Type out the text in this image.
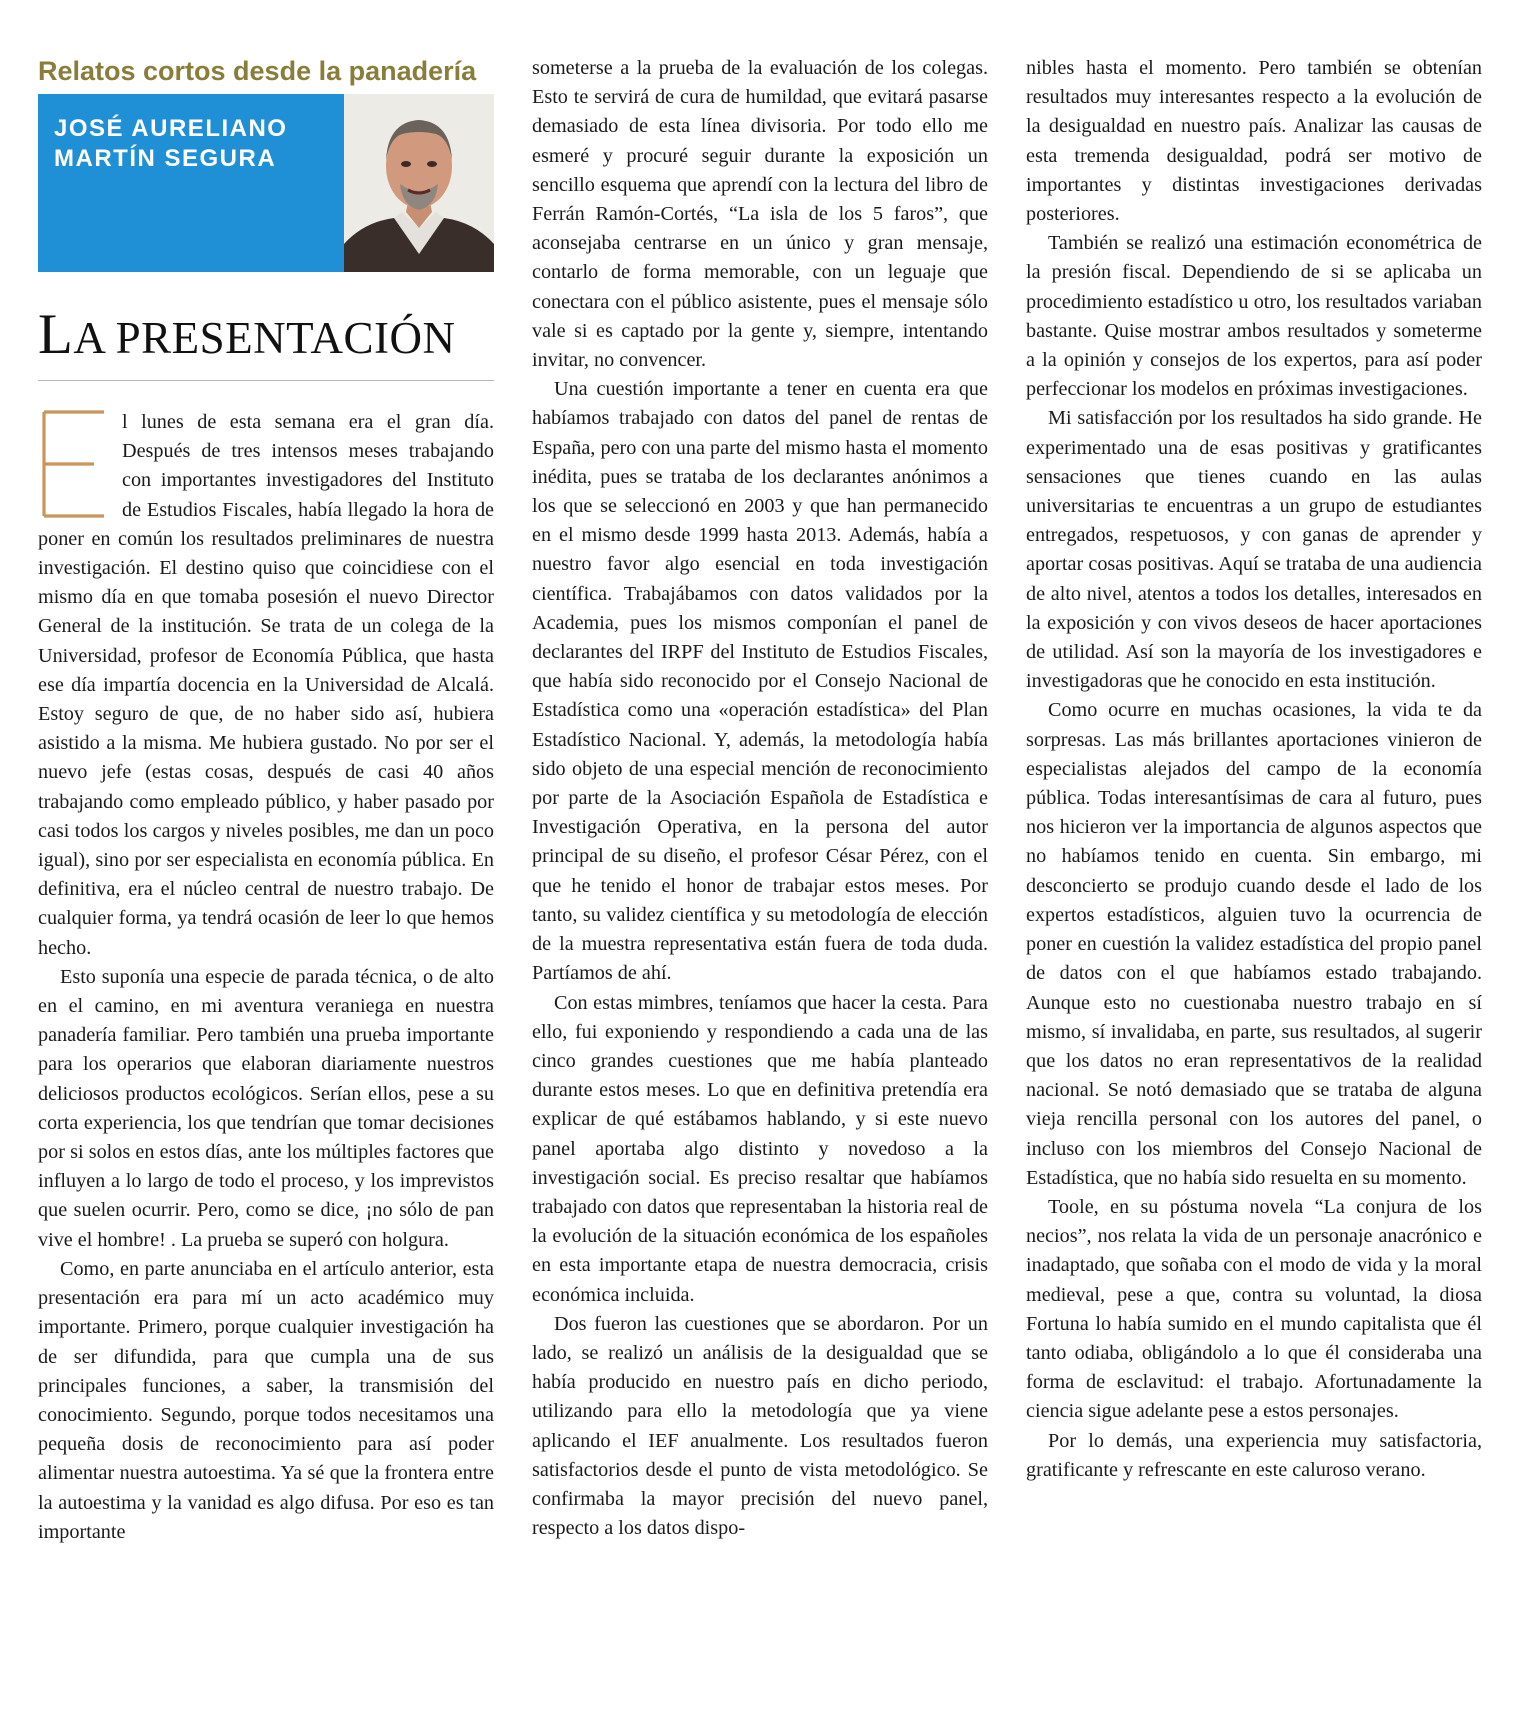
Relatos cortos desde la panadería
JOSÉ AURELIANO
MARTÍN SEGURA
LA PRESENTACIÓN

l lunes de esta semana era el gran día. Después de tres intensos meses trabajando con importantes investigadores del Instituto de Estudios Fiscales, había llegado la hora de poner en común los resultados preliminares de nuestra investigación. El destino quiso que coincidiese con el mismo día en que tomaba posesión el nuevo Director General de la institución. Se trata de un colega de la Universidad, profesor de Economía Pública, que hasta ese día impartía docencia en la Universidad de Alcalá. Estoy seguro de que, de no haber sido así, hubiera asistido a la misma. Me hubiera gustado. No por ser el nuevo jefe (estas cosas, después de casi 40 años trabajando como empleado público, y haber pasado por casi todos los cargos y niveles posibles, me dan un poco igual), sino por ser especialista en economía pública. En definitiva, era el núcleo central de nuestro trabajo. De cualquier forma, ya tendrá ocasión de leer lo que hemos hecho.

Esto suponía una especie de parada técnica, o de alto en el camino, en mi aventura veraniega en nuestra panadería familiar. Pero también una prueba importante para los operarios que elaboran diariamente nuestros deliciosos productos ecológicos. Serían ellos, pese a su corta experiencia, los que tendrían que tomar decisiones por si solos en estos días, ante los múltiples factores que influyen a lo largo de todo el proceso, y los imprevistos que suelen ocurrir. Pero, como se dice, ¡no sólo de pan vive el hombre! . La prueba se superó con holgura.

Como, en parte anunciaba en el artículo anterior, esta presentación era para mí un acto académico muy importante. Primero, porque cualquier investigación ha de ser difundida, para que cumpla una de sus principales funciones, a saber, la transmisión del conocimiento. Segundo, porque todos necesitamos una pequeña dosis de reconocimiento para así poder alimentar nuestra autoestima. Ya sé que la frontera entre la autoestima y la vanidad es algo difusa. Por eso es tan importante

someterse a la prueba de la evaluación de los colegas. Esto te servirá de cura de humildad, que evitará pasarse demasiado de esta línea divisoria. Por todo ello me esmeré y procuré seguir durante la exposición un sencillo esquema que aprendí con la lectura del libro de Ferrán Ramón-Cortés, “La isla de los 5 faros”, que aconsejaba centrarse en un único y gran mensaje, contarlo de forma memorable, con un leguaje que conectara con el público asistente, pues el mensaje sólo vale si es captado por la gente y, siempre, intentando invitar, no convencer.

Una cuestión importante a tener en cuenta era que habíamos trabajado con datos del panel de rentas de España, pero con una parte del mismo hasta el momento inédita, pues se trataba de los declarantes anónimos a los que se seleccionó en 2003 y que han permanecido en el mismo desde 1999 hasta 2013. Además, había a nuestro favor algo esencial en toda investigación científica. Trabajábamos con datos validados por la Academia, pues los mismos componían el panel de declarantes del IRPF del Instituto de Estudios Fiscales, que había sido reconocido por el Consejo Nacional de Estadística como una «operación estadística» del Plan Estadístico Nacional. Y, además, la metodología había sido objeto de una especial mención de reconocimiento por parte de la Asociación Española de Estadística e Investigación Operativa, en la persona del autor principal de su diseño, el profesor César Pérez, con el que he tenido el honor de trabajar estos meses. Por tanto, su validez científica y su metodología de elección de la muestra representativa están fuera de toda duda. Partíamos de ahí.

Con estas mimbres, teníamos que hacer la cesta. Para ello, fui exponiendo y respondiendo a cada una de las cinco grandes cuestiones que me había planteado durante estos meses. Lo que en definitiva pretendía era explicar de qué estábamos hablando, y si este nuevo panel aportaba algo distinto y novedoso a la investigación social. Es preciso resaltar que habíamos trabajado con datos que representaban la historia real de la evolución de la situación económica de los españoles en esta importante etapa de nuestra democracia, crisis económica incluida.

Dos fueron las cuestiones que se abordaron. Por un lado, se realizó un análisis de la desigualdad que se había producido en nuestro país en dicho periodo, utilizando para ello la metodología que ya viene aplicando el IEF anualmente. Los resultados fueron satisfactorios desde el punto de vista metodológico. Se confirmaba la mayor precisión del nuevo panel, respecto a los datos dispo-

nibles hasta el momento. Pero también se obtenían resultados muy interesantes respecto a la evolución de la desigualdad en nuestro país. Analizar las causas de esta tremenda desigualdad, podrá ser motivo de importantes y distintas investigaciones derivadas posteriores.

También se realizó una estimación econométrica de la presión fiscal. Dependiendo de si se aplicaba un procedimiento estadístico u otro, los resultados variaban bastante. Quise mostrar ambos resultados y someterme a la opinión y consejos de los expertos, para así poder perfeccionar los modelos en próximas investigaciones.

Mi satisfacción por los resultados ha sido grande. He experimentado una de esas positivas y gratificantes sensaciones que tienes cuando en las aulas universitarias te encuentras a un grupo de estudiantes entregados, respetuosos, y con ganas de aprender y aportar cosas positivas. Aquí se trataba de una audiencia de alto nivel, atentos a todos los detalles, interesados en la exposición y con vivos deseos de hacer aportaciones de utilidad. Así son la mayoría de los investigadores e investigadoras que he conocido en esta institución.

Como ocurre en muchas ocasiones, la vida te da sorpresas. Las más brillantes aportaciones vinieron de especialistas alejados del campo de la economía pública. Todas interesantísimas de cara al futuro, pues nos hicieron ver la importancia de algunos aspectos que no habíamos tenido en cuenta. Sin embargo, mi desconcierto se produjo cuando desde el lado de los expertos estadísticos, alguien tuvo la ocurrencia de poner en cuestión la validez estadística del propio panel de datos con el que habíamos estado trabajando. Aunque esto no cuestionaba nuestro trabajo en sí mismo, sí invalidaba, en parte, sus resultados, al sugerir que los datos no eran representativos de la realidad nacional. Se notó demasiado que se trataba de alguna vieja rencilla personal con los autores del panel, o incluso con los miembros del Consejo Nacional de Estadística, que no había sido resuelta en su momento.

Toole, en su póstuma novela “La conjura de los necios”, nos relata la vida de un personaje anacrónico e inadaptado, que soñaba con el modo de vida y la moral medieval, pese a que, contra su voluntad, la diosa Fortuna lo había sumido en el mundo capitalista que él tanto odiaba, obligándolo a lo que él consideraba una forma de esclavitud: el trabajo. Afortunadamente la ciencia sigue adelante pese a estos personajes.

Por lo demás, una experiencia muy satisfactoria, gratificante y refrescante en este caluroso verano.
